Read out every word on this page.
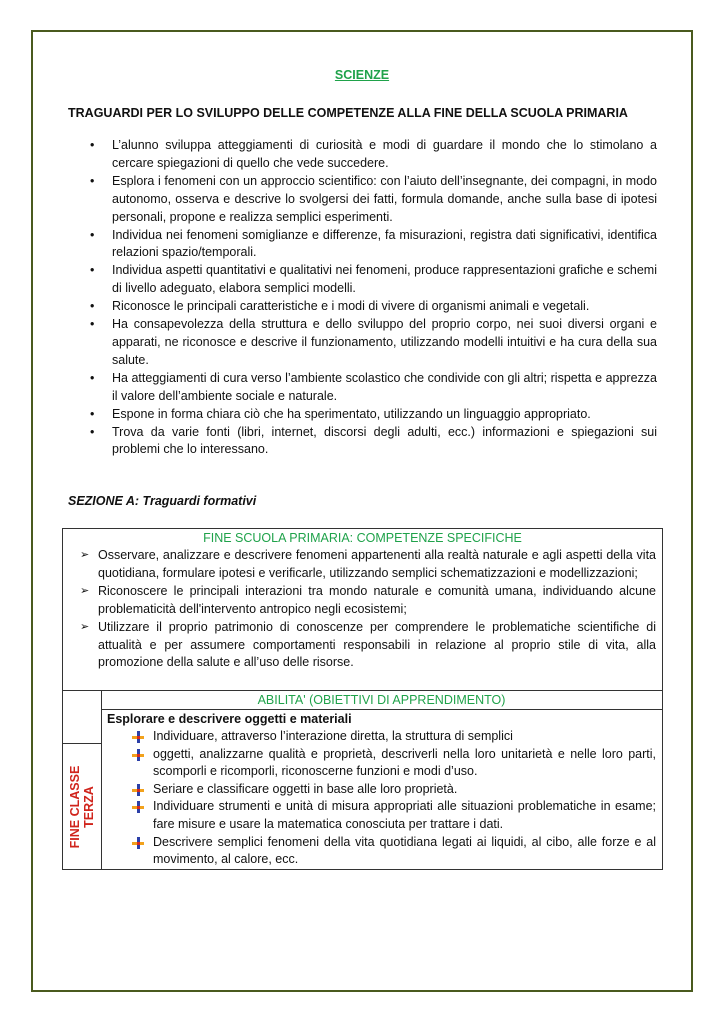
SCIENZE
TRAGUARDI PER LO SVILUPPO DELLE COMPETENZE ALLA FINE DELLA SCUOLA PRIMARIA
• L’alunno sviluppa atteggiamenti di curiosità e modi di guardare il mondo che lo stimolano a cercare spiegazioni di quello che vede succedere.
• Esplora i fenomeni con un approccio scientifico: con l’aiuto dell’insegnante, dei compagni, in modo autonomo, osserva e descrive lo svolgersi dei fatti, formula domande, anche sulla base di ipotesi personali, propone e realizza semplici esperimenti.
• Individua nei fenomeni somiglianze e differenze, fa misurazioni, registra dati significativi, identifica relazioni spazio/temporali.
• Individua aspetti quantitativi e qualitativi nei fenomeni, produce rappresentazioni grafiche e schemi di livello adeguato, elabora semplici modelli.
• Riconosce le principali caratteristiche e i modi di vivere di organismi animali e vegetali.
• Ha consapevolezza della struttura e dello sviluppo del proprio corpo, nei suoi diversi organi e apparati, ne riconosce e descrive il funzionamento, utilizzando modelli intuitivi e ha cura della sua salute.
• Ha atteggiamenti di cura verso l’ambiente scolastico che condivide con gli altri; rispetta e apprezza il valore dell’ambiente sociale e naturale.
• Espone in forma chiara ciò che ha sperimentato, utilizzando un linguaggio appropriato.
• Trova da varie fonti (libri, internet, discorsi degli adulti, ecc.) informazioni e spiegazioni sui problemi che lo interessano.
SEZIONE A: Traguardi formativi
FINE SCUOLA PRIMARIA: COMPETENZE SPECIFICHE
➢ Osservare, analizzare e descrivere fenomeni appartenenti alla realtà naturale e agli aspetti della vita quotidiana, formulare ipotesi e verificarle, utilizzando semplici schematizzazioni e modellizzazioni;
➢ Riconoscere le principali interazioni tra mondo naturale e comunità umana, individuando alcune problematicità dell'intervento antropico negli ecosistemi;
➢ Utilizzare il proprio patrimonio di conoscenze per comprendere le problematiche scientifiche di attualità e per assumere comportamenti responsabili in relazione al proprio stile di vita, alla promozione della salute e all’uso delle risorse.
ABILITA' (OBIETTIVI DI APPRENDIMENTO)
FINE CLASSE
TERZA
Esplorare e descrivere oggetti e materiali
Individuare, attraverso l’interazione diretta, la struttura di semplici
oggetti, analizzarne qualità e proprietà, descriverli nella loro unitarietà e nelle loro parti, scomporli e ricomporli, riconoscerne funzioni e modi d’uso.
Seriare e classificare oggetti in base alle loro proprietà.
Individuare strumenti e unità di misura appropriati alle situazioni problematiche in esame; fare misure e usare la matematica conosciuta per trattare i dati.
Descrivere semplici fenomeni della vita quotidiana legati ai liquidi, al cibo, alle forze e al movimento, al calore, ecc.
